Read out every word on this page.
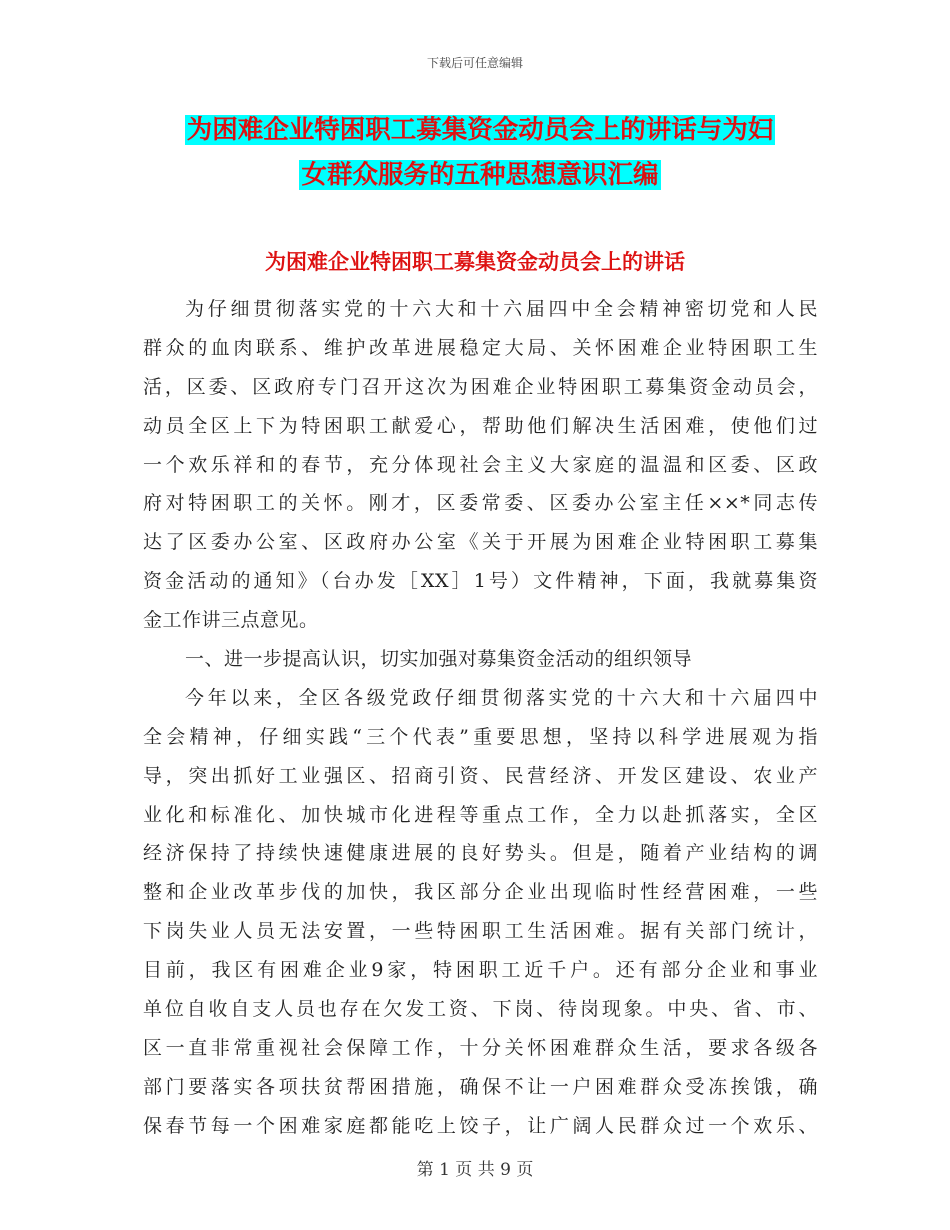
下载后可任意编辑
为困难企业特困职工募集资金动员会上的讲话与为妇
女群众服务的五种思想意识汇编
为困难企业特困职工募集资金动员会上的讲话
为仔细贯彻落实党的十六大和十六届四中全会精神密切党和人民
群众的血肉联系、维护改革进展稳定大局、关怀困难企业特困职工生
活，区委、区政府专门召开这次为困难企业特困职工募集资金动员会，
动员全区上下为特困职工献爱心，帮助他们解决生活困难，使他们过
一个欢乐祥和的春节，充分体现社会主义大家庭的温温和区委、区政
府对特困职工的关怀。刚才，区委常委、区委办公室主任××*同志传
达了区委办公室、区政府办公室《关于开展为困难企业特困职工募集
资金活动的通知》（台办发［XX］1号）文件精神，下面，我就募集资
金工作讲三点意见。
一、进一步提高认识，切实加强对募集资金活动的组织领导
今年以来，全区各级党政仔细贯彻落实党的十六大和十六届四中
全会精神，仔细实践“三个代表”重要思想，坚持以科学进展观为指
导，突出抓好工业强区、招商引资、民营经济、开发区建设、农业产
业化和标准化、加快城市化进程等重点工作，全力以赴抓落实，全区
经济保持了持续快速健康进展的良好势头。但是，随着产业结构的调
整和企业改革步伐的加快，我区部分企业出现临时性经营困难，一些
下岗失业人员无法安置，一些特困职工生活困难。据有关部门统计，
目前，我区有困难企业9家，特困职工近千户。还有部分企业和事业
单位自收自支人员也存在欠发工资、下岗、待岗现象。中央、省、市、
区一直非常重视社会保障工作，十分关怀困难群众生活，要求各级各
部门要落实各项扶贫帮困措施，确保不让一户困难群众受冻挨饿，确
保春节每一个困难家庭都能吃上饺子，让广阔人民群众过一个欢乐、
第 1 页 共 9 页
